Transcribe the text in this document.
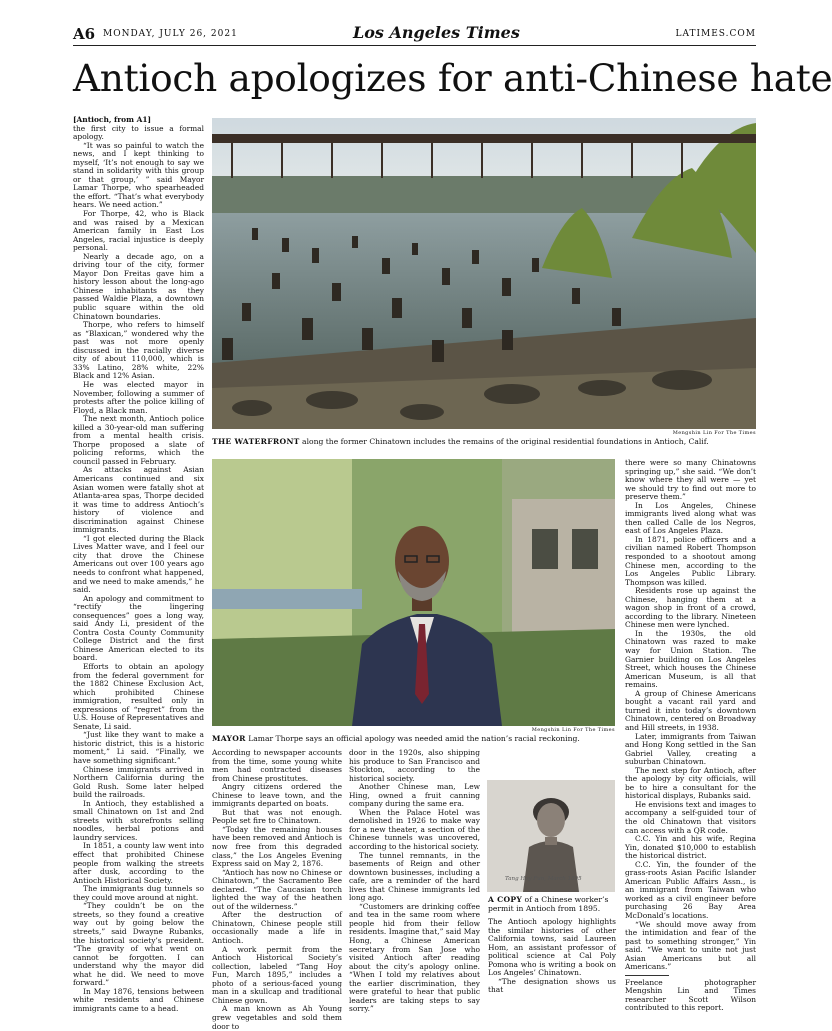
A6 MONDAY, JULY 26, 2021	Los Angeles Times	LATIMES.COM
Antioch apologizes for anti-Chinese hate

[Antioch, from A1]

the first city to issue a formal apology.

“It was so painful to watch the news, and I kept thinking to myself, ‘It’s not enough to say we stand in solidarity with this group or that group,’ ” said Mayor Lamar Thorpe, who spearheaded the effort. “That’s what everybody hears. We need action.”

For Thorpe, 42, who is Black and was raised by a Mexican American family in East Los Angeles, racial injustice is deeply personal.

Nearly a decade ago, on a driving tour of the city, former Mayor Don Freitas gave him a history lesson about the long-ago Chinese inhabitants as they passed Waldie Plaza, a downtown public square within the old Chinatown boundaries.

Thorpe, who refers to himself as “Blaxican,” wondered why the past was not more openly discussed in the racially diverse city of about 110,000, which is 33% Latino, 28% white, 22% Black and 12% Asian.

He was elected mayor in November, following a summer of protests after the police killing of Floyd, a Black man.

The next month, Antioch police killed a 30-year-old man suffering from a mental health crisis. Thorpe proposed a slate of policing reforms, which the council passed in February.

As attacks against Asian Americans continued and six Asian women were fatally shot at Atlanta-area spas, Thorpe decided it was time to address Antioch’s history of violence and discrimination against Chinese immigrants.

“I got elected during the Black Lives Matter wave, and I feel our city that drove the Chinese Americans out over 100 years ago needs to confront what happened, and we need to make amends,” he said.

An apology and commitment to “rectify the lingering consequences” goes a long way, said Andy Li, president of the Contra Costa County Community College District and the first Chinese American elected to its board.

Efforts to obtain an apology from the federal government for the 1882 Chinese Exclusion Act, which prohibited Chinese immigration, resulted only in expressions of “regret” from the U.S. House of Representatives and Senate, Li said.

“Just like they want to make a historic district, this is a historic moment,” Li said. “Finally, we have something significant.”

Chinese immigrants arrived in Northern California during the Gold Rush. Some later helped build the railroads.

In Antioch, they established a small Chinatown on 1st and 2nd streets with storefronts selling noodles, herbal potions and laundry services.

In 1851, a county law went into effect that prohibited Chinese people from walking the streets after dusk, according to the Antioch Historical Society.

The immigrants dug tunnels so they could move around at night.

“They couldn’t be on the streets, so they found a creative way out by going below the streets,” said Dwayne Rubanks, the historical society’s president. “The gravity of what went on cannot be forgotten. I can understand why the mayor did what he did. We need to move forward.”

In May 1876, tensions between white residents and Chinese immigrants came to a head.

Mengshin Lin For The Times
THE WATERFRONT along the former Chinatown includes the remains of the original residential foundations in Antioch, Calif.
Mengshin Lin For The Times
MAYOR Lamar Thorpe says an official apology was needed amid the nation’s racial reckoning.

According to newspaper accounts from the time, some young white men had contracted diseases from Chinese prostitutes.

Angry citizens ordered the Chinese to leave town, and the immigrants departed on boats.

But that was not enough. People set fire to Chinatown.

“Today the remaining houses have been removed and Antioch is now free from this degraded class,” the Los Angeles Evening Express said on May 2, 1876.

“Antioch has now no Chinese or Chinatown,” the Sacramento Bee declared. “The Caucasian torch lighted the way of the heathen out of the wilderness.”

After the destruction of Chinatown, Chinese people still occasionally made a life in Antioch.

A work permit from the Antioch Historical Society’s collection, labeled “Tang Hoy Fun, March 1895,” includes a photo of a serious-faced young man in a skullcap and traditional Chinese gown.

A man known as Ah Young grew vegetables and sold them door to

door in the 1920s, also shipping his produce to San Francisco and Stockton, according to the historical society.

Another Chinese man, Lew Hing, owned a fruit canning company during the same era.

When the Palace Hotel was demolished in 1926 to make way for a new theater, a section of the Chinese tunnels was uncovered, according to the historical society.

The tunnel remnants, in the basements of Reign and other downtown businesses, including a cafe, are a reminder of the hard lives that Chinese immigrants led long ago.

“Customers are drinking coffee and tea in the same room where people hid from their fellow residents. Imagine that,” said May Hong, a Chinese American secretary from San Jose who visited Antioch after reading about the city’s apology online. “When I told my relatives about the earlier discrimination, they were grateful to hear that public leaders are taking steps to say sorry.”

Tang Hoy Fun, March 1895
A COPY of a Chinese worker’s permit in Antioch from 1895.

The Antioch apology highlights the similar histories of other California towns, said Laureen Hom, an assistant professor of political science at Cal Poly Pomona who is writing a book on Los Angeles’ Chinatown.

“The designation shows us that

there were so many Chinatowns springing up,” she said. “We don’t know where they all were — yet we should try to find out more to preserve them.”

In Los Angeles, Chinese immigrants lived along what was then called Calle de los Negros, east of Los Angeles Plaza.

In 1871, police officers and a civilian named Robert Thompson responded to a shootout among Chinese men, according to the Los Angeles Public Library. Thompson was killed.

Residents rose up against the Chinese, hanging them at a wagon shop in front of a crowd, according to the library. Nineteen Chinese men were lynched.

In the 1930s, the old Chinatown was razed to make way for Union Station. The Garnier building on Los Angeles Street, which houses the Chinese American Museum, is all that remains.

A group of Chinese Americans bought a vacant rail yard and turned it into today’s downtown Chinatown, centered on Broadway and Hill streets, in 1938.

Later, immigrants from Taiwan and Hong Kong settled in the San Gabriel Valley, creating a suburban Chinatown.

The next step for Antioch, after the apology by city officials, will be to hire a consultant for the historical displays, Rubanks said.

He envisions text and images to accompany a self-guided tour of the old Chinatown that visitors can access with a QR code.

C.C. Yin and his wife, Regina Yin, donated $10,000 to establish the historical district.

C.C. Yin, the founder of the grass-roots Asian Pacific Islander American Public Affairs Assn., is an immigrant from Taiwan who worked as a civil engineer before purchasing 26 Bay Area McDonald’s locations.

“We should move away from the intimidation and fear of the past to something stronger,” Yin said. “We want to unite not just Asian Americans but all Americans.”

Freelance photographer Mengshin Lin and Times researcher Scott Wilson contributed to this report.
